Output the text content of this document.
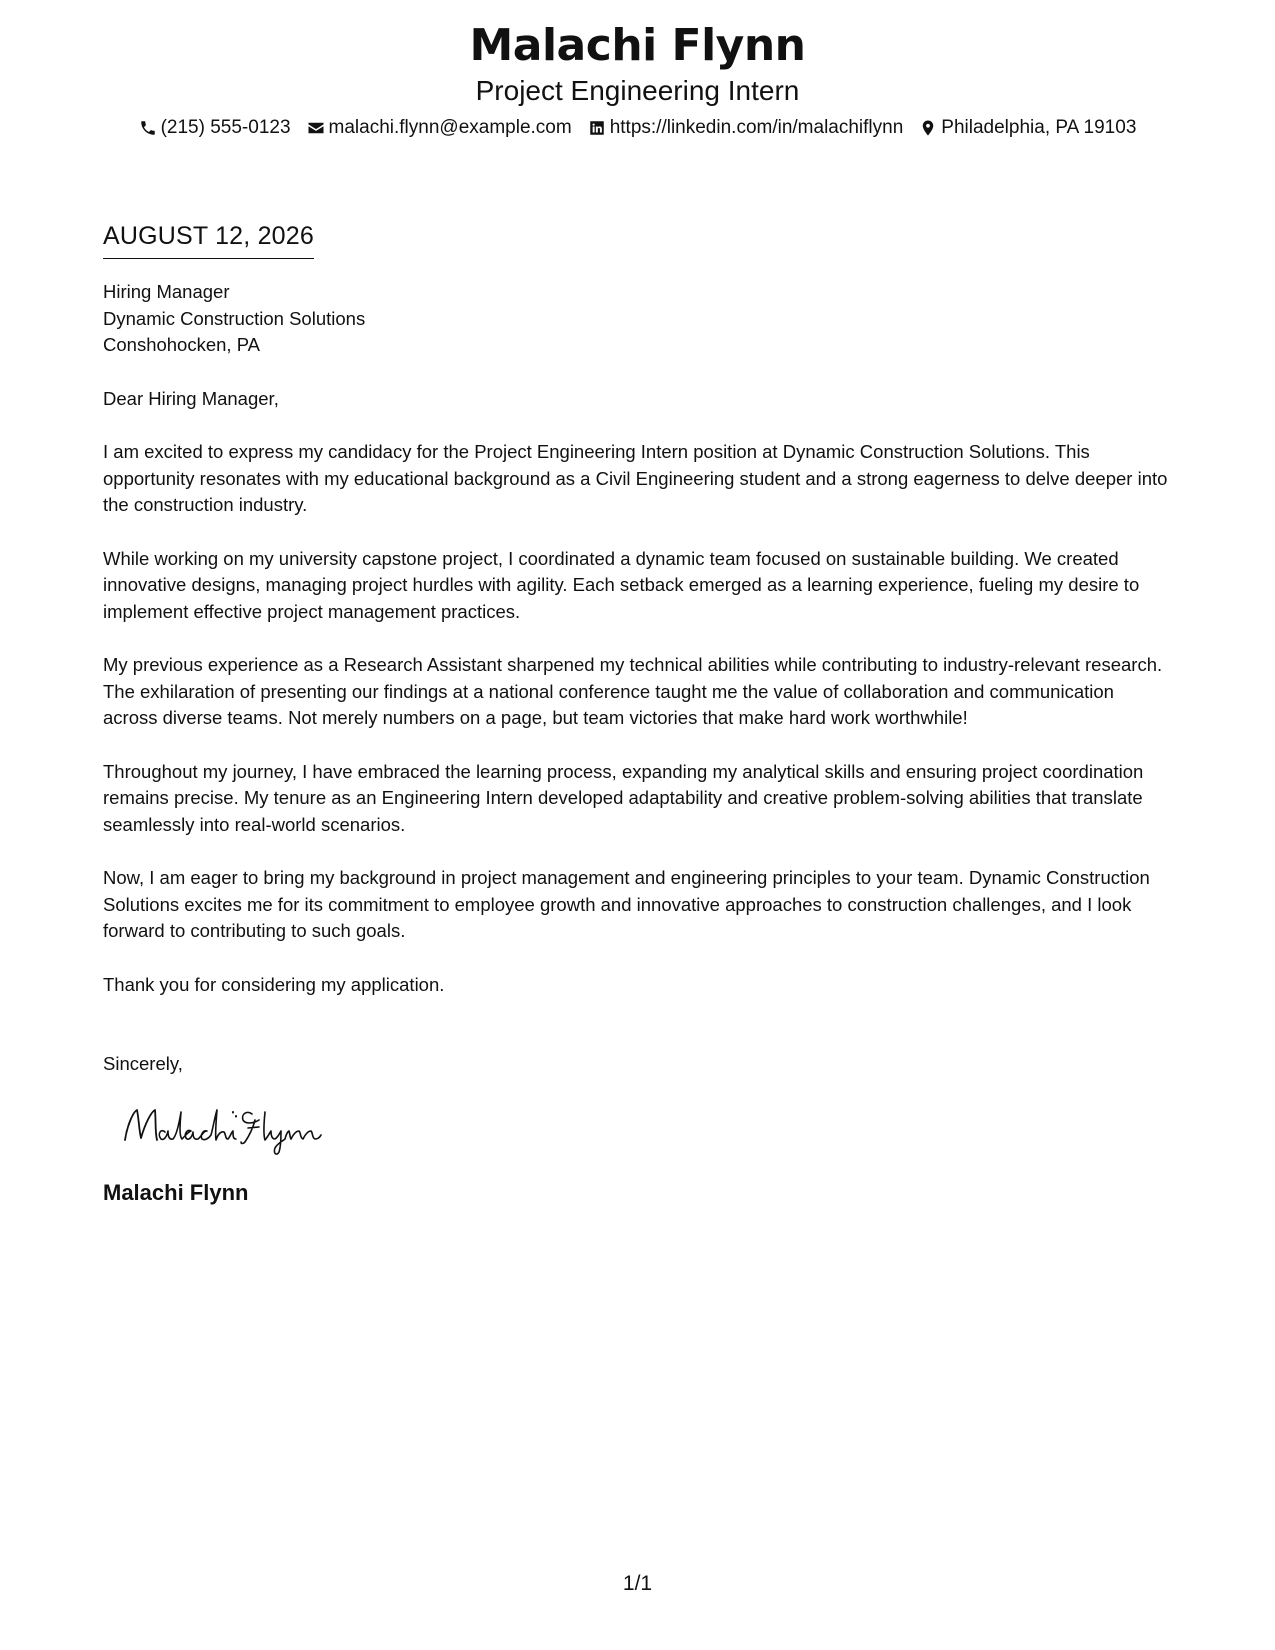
Malachi Flynn
Project Engineering Intern
(215) 555-0123 malachi.flynn@example.com https://linkedin.com/in/malachiflynn Philadelphia, PA 19103
AUGUST 12, 2026
Hiring Manager
Dynamic Construction Solutions
Conshohocken, PA
Dear Hiring Manager,
I am excited to express my candidacy for the Project Engineering Intern position at Dynamic Construction Solutions. This opportunity resonates with my educational background as a Civil Engineering student and a strong eagerness to delve deeper into the construction industry.
While working on my university capstone project, I coordinated a dynamic team focused on sustainable building. We created innovative designs, managing project hurdles with agility. Each setback emerged as a learning experience, fueling my desire to implement effective project management practices.
My previous experience as a Research Assistant sharpened my technical abilities while contributing to industry-relevant research. The exhilaration of presenting our findings at a national conference taught me the value of collaboration and communication across diverse teams. Not merely numbers on a page, but team victories that make hard work worthwhile!
Throughout my journey, I have embraced the learning process, expanding my analytical skills and ensuring project coordination remains precise. My tenure as an Engineering Intern developed adaptability and creative problem-solving abilities that translate seamlessly into real-world scenarios.
Now, I am eager to bring my background in project management and engineering principles to your team. Dynamic Construction Solutions excites me for its commitment to employee growth and innovative approaches to construction challenges, and I look forward to contributing to such goals.
Thank you for considering my application.
Sincerely,
Malachi Flynn
1/1
